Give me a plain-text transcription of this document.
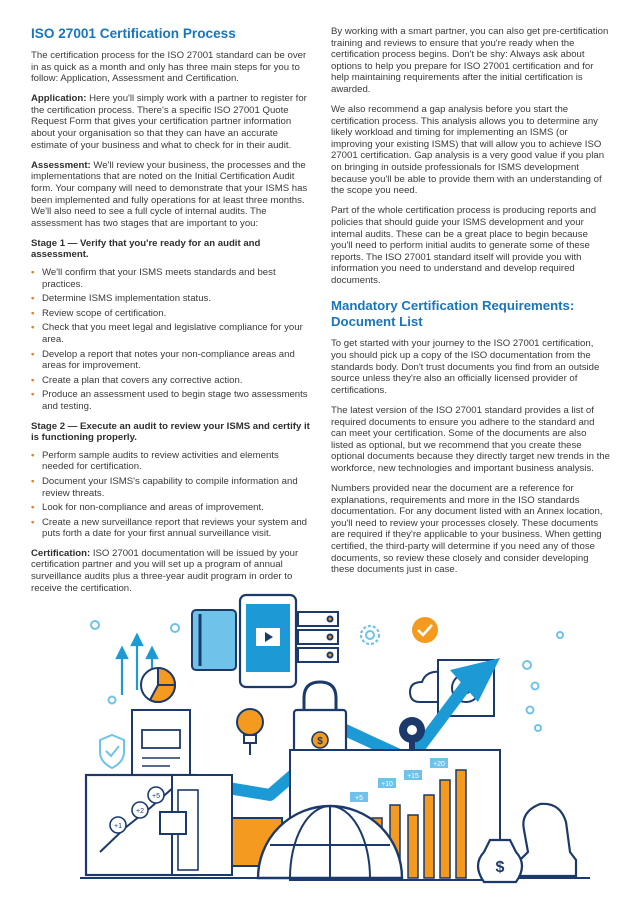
ISO 27001 Certification Process

The certification process for the ISO 27001 standard can be over in as quick as a month and only has three main steps for you to follow: Application, Assessment and Certification.

Application: Here you'll simply work with a partner to register for the certification process. There's a specific ISO 27001 Quote Request Form that gives your certification partner information about your organisation so that they can have an accurate estimate of your business and what to check for in their audit.

Assessment: We'll review your business, the processes and the implementations that are noted on the Initial Certification Audit form. Your company will need to demonstrate that your ISMS has been implemented and fully operations for at least three months. We'll also need to see a full cycle of internal audits. The assessment has two stages that are important to you:

Stage 1 — Verify that you're ready for an audit and assessment.
• We'll confirm that your ISMS meets standards and best practices.
• Determine ISMS implementation status.
• Review scope of certification.
• Check that you meet legal and legislative compliance for your area.
• Develop a report that notes your non-compliance areas and areas for improvement.
• Create a plan that covers any corrective action.
• Produce an assessment used to begin stage two assessments and testing.
Stage 2 — Execute an audit to review your ISMS and certify it is functioning properly.
• Perform sample audits to review activities and elements needed for certification.
• Document your ISMS's capability to compile information and review threats.
• Look for non-compliance and areas of improvement.
• Create a new surveillance report that reviews your system and puts forth a date for your first annual surveillance visit.

Certification: ISO 27001 documentation will be issued by your certification partner and you will set up a program of annual surveillance audits plus a three-year audit program in order to receive the certification.

By working with a smart partner, you can also get pre-certification training and reviews to ensure that you're ready when the certification process begins. Don't be shy: Always ask about options to help you prepare for ISO 27001 certification and for help maintaining requirements after the initial certification is awarded.

We also recommend a gap analysis before you start the certification process. This analysis allows you to determine any likely workload and timing for implementing an ISMS (or improving your existing ISMS) that will allow you to achieve ISO 27001 certification. Gap analysis is a very good value if you plan on bringing in outside professionals for ISMS development because you'll be able to provide them with an understanding of the scope you need.

Part of the whole certification process is producing reports and policies that should guide your ISMS development and your internal audits. These can be a great place to begin because you'll need to perform initial audits to generate some of these reports. The ISO 27001 standard itself will provide you with information you need to understand and develop required documents.

Mandatory Certification Requirements: Document List

To get started with your journey to the ISO 27001 certification, you should pick up a copy of the ISO documentation from the standards body. Don't trust documents you find from an outside source unless they're also an officially licensed provider of certifications.

The latest version of the ISO 27001 standard provides a list of required documents to ensure you adhere to the standard and can meet your certification. Some of the documents are also listed as optional, but we recommend that you create these optional documents because they directly target new trends in the workforce, new technologies and important business analysis.

Numbers provided near the document are a reference for explanations, requirements and more in the ISO standards documentation. For any document listed with an Annex location, you'll need to review your processes closely. These documents are required if they're applicable to your business. When getting certified, the third-party will determine if you need any of those documents, so review these closely and consider developing these documents just in case.

$
+5
+10
+15
+20
+1
+2
+5
$
